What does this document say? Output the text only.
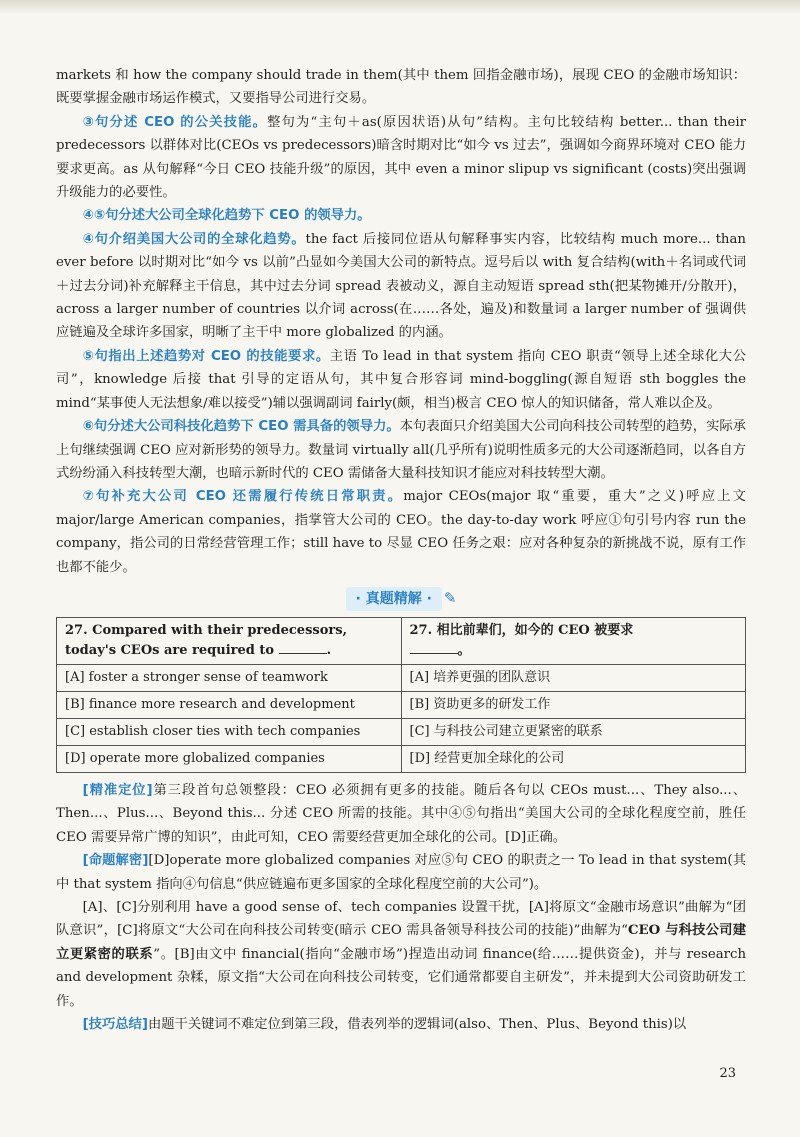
markets 和 how the company should trade in them(其中 them 回指金融市场)，展现 CEO 的金融市场知识：既要掌握金融市场运作模式，又要指导公司进行交易。

③句分述 CEO 的公关技能。整句为“主句＋as(原因状语)从句”结构。主句比较结构 better... than their predecessors 以群体对比(CEOs vs predecessors)暗含时期对比“如今 vs 过去”，强调如今商界环境对 CEO 能力要求更高。as 从句解释“今日 CEO 技能升级”的原因，其中 even a minor slipup vs significant (costs)突出强调升级能力的必要性。

④⑤句分述大公司全球化趋势下 CEO 的领导力。

④句介绍美国大公司的全球化趋势。the fact 后接同位语从句解释事实内容，比较结构 much more... than ever before 以时期对比“如今 vs 以前”凸显如今美国大公司的新特点。逗号后以 with 复合结构(with＋名词或代词＋过去分词)补充解释主干信息，其中过去分词 spread 表被动义，源自主动短语 spread sth(把某物摊开/分散开)，across a larger number of countries 以介词 across(在……各处，遍及)和数量词 a larger number of 强调供应链遍及全球许多国家，明晰了主干中 more globalized 的内涵。

⑤句指出上述趋势对 CEO 的技能要求。主语 To lead in that system 指向 CEO 职责“领导上述全球化大公司”，knowledge 后接 that 引导的定语从句，其中复合形容词 mind-boggling(源自短语 sth boggles the mind“某事使人无法想象/难以接受”)辅以强调副词 fairly(颇，相当)极言 CEO 惊人的知识储备，常人难以企及。

⑥句分述大公司科技化趋势下 CEO 需具备的领导力。本句表面只介绍美国大公司向科技公司转型的趋势，实际承上句继续强调 CEO 应对新形势的领导力。数量词 virtually all(几乎所有)说明性质多元的大公司逐渐趋同，以各自方式纷纷涌入科技转型大潮，也暗示新时代的 CEO 需储备大量科技知识才能应对科技转型大潮。

⑦句补充大公司 CEO 还需履行传统日常职责。major CEOs(major 取“重要，重大”之义)呼应上文 major/large American companies，指掌管大公司的 CEO。the day-to-day work 呼应①句引号内容 run the company，指公司的日常经营管理工作；still have to 尽显 CEO 任务之艰：应对各种复杂的新挑战不说，原有工作也都不能少。

· 真题精解 · ✎
27. Compared with their predecessors, today's CEOs are required to .	27. 相比前辈们，如今的 CEO 被要求
。
[A] foster a stronger sense of teamwork	[A] 培养更强的团队意识
[B] finance more research and development	[B] 资助更多的研发工作
[C] establish closer ties with tech companies	[C] 与科技公司建立更紧密的联系
[D] operate more globalized companies	[D] 经营更加全球化的公司

[精准定位]第三段首句总领整段：CEO 必须拥有更多的技能。随后各句以 CEOs must...、They also...、Then...、Plus...、Beyond this... 分述 CEO 所需的技能。其中④⑤句指出“美国大公司的全球化程度空前，胜任 CEO 需要异常广博的知识”，由此可知，CEO 需要经营更加全球化的公司。[D]正确。

[命题解密][D]operate more globalized companies 对应⑤句 CEO 的职责之一 To lead in that system(其中 that system 指向④句信息“供应链遍布更多国家的全球化程度空前的大公司”)。

[A]、[C]分别利用 have a good sense of、tech companies 设置干扰，[A]将原文“金融市场意识”曲解为“团队意识”，[C]将原文“大公司在向科技公司转变(暗示 CEO 需具备领导科技公司的技能)”曲解为“CEO 与科技公司建立更紧密的联系”。[B]由文中 financial(指向“金融市场”)捏造出动词 finance(给……提供资金)，并与 research and development 杂糅，原文指“大公司在向科技公司转变，它们通常都要自主研发”，并未提到大公司资助研发工作。

[技巧总结]由题干关键词不难定位到第三段，借表列举的逻辑词(also、Then、Plus、Beyond this)以

23
